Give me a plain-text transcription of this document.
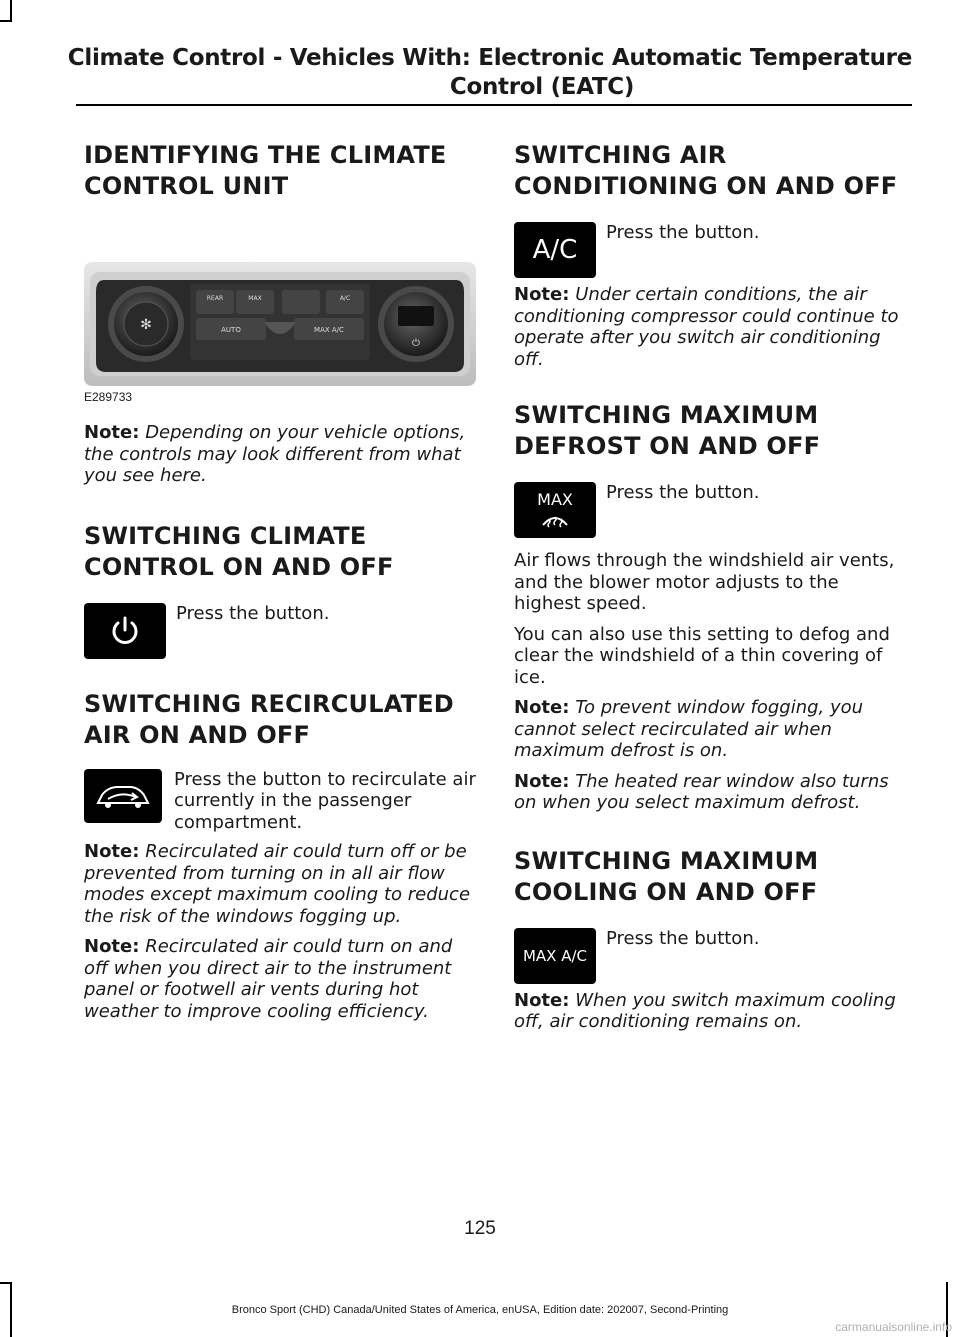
Climate Control - Vehicles With: Electronic Automatic Temperature
Control (EATC)
IDENTIFYING THE CLIMATE
CONTROL UNIT
✻
⏻
REAR	MAX	A/C
AUTO	MAX A/C
E289733

Note: Depending on your vehicle options, the controls may look different from what you see here.

SWITCHING CLIMATE
CONTROL ON AND OFF
Press the button.
SWITCHING RECIRCULATED
AIR ON AND OFF
Press the button to recirculate air currently in the passenger compartment.

Note: Recirculated air could turn off or be prevented from turning on in all air flow modes except maximum cooling to reduce the risk of the windows fogging up.

Note: Recirculated air could turn on and off when you direct air to the instrument panel or footwell air vents during hot weather to improve cooling efficiency.

SWITCHING AIR
CONDITIONING ON AND OFF
A/C
Press the button.

Note: Under certain conditions, the air conditioning compressor could continue to operate after you switch air conditioning off.

SWITCHING MAXIMUM
DEFROST ON AND OFF
MAX Press the button.

Air flows through the windshield air vents, and the blower motor adjusts to the highest speed.

You can also use this setting to defog and clear the windshield of a thin covering of ice.

Note: To prevent window fogging, you cannot select recirculated air when maximum defrost is on.

Note: The heated rear window also turns on when you select maximum defrost.

SWITCHING MAXIMUM
COOLING ON AND OFF
MAX A/C
Press the button.

Note: When you switch maximum cooling off, air conditioning remains on.

125
Bronco Sport (CHD) Canada/United States of America, enUSA, Edition date: 202007, Second-Printing
carmanualsonline.info
